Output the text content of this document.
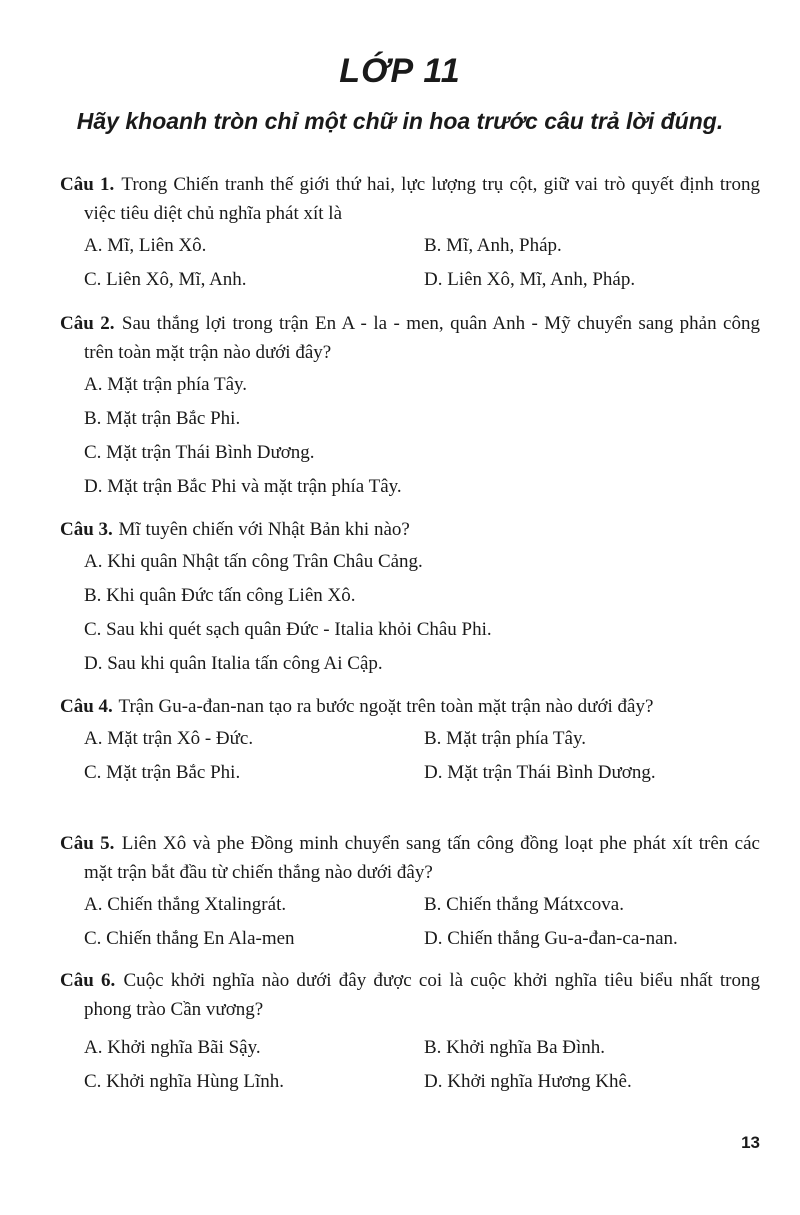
LỚP 11
Hãy khoanh tròn chỉ một chữ in hoa trước câu trả lời đúng.
Câu 1. Trong Chiến tranh thế giới thứ hai, lực lượng trụ cột, giữ vai trò quyết định trong việc tiêu diệt chủ nghĩa phát xít là
A. Mĩ, Liên Xô.	B. Mĩ, Anh, Pháp.
C. Liên Xô, Mĩ, Anh.	D. Liên Xô, Mĩ, Anh, Pháp.
Câu 2. Sau thắng lợi trong trận En A - la - men, quân Anh - Mỹ chuyển sang phản công trên toàn mặt trận nào dưới đây?
A. Mặt trận phía Tây.
B. Mặt trận Bắc Phi.
C. Mặt trận Thái Bình Dương.
D. Mặt trận Bắc Phi và mặt trận phía Tây.
Câu 3. Mĩ tuyên chiến với Nhật Bản khi nào?
A. Khi quân Nhật tấn công Trân Châu Cảng.
B. Khi quân Đức tấn công Liên Xô.
C. Sau khi quét sạch quân Đức - Italia khỏi Châu Phi.
D. Sau khi quân Italia tấn công Ai Cập.
Câu 4. Trận Gu-a-đan-nan tạo ra bước ngoặt trên toàn mặt trận nào dưới đây?
A. Mặt trận Xô - Đức.	B. Mặt trận phía Tây.
C. Mặt trận Bắc Phi.	D. Mặt trận Thái Bình Dương.
Câu 5. Liên Xô và phe Đồng minh chuyển sang tấn công đồng loạt phe phát xít trên các mặt trận bắt đầu từ chiến thắng nào dưới đây?
A. Chiến thắng Xtalingrát.	B. Chiến thắng Mátxcova.
C. Chiến thắng En Ala-men	D. Chiến thắng Gu-a-đan-ca-nan.
Câu 6. Cuộc khởi nghĩa nào dưới đây được coi là cuộc khởi nghĩa tiêu biểu nhất trong phong trào Cần vương?
A. Khởi nghĩa Bãi Sậy.	B. Khởi nghĩa Ba Đình.
C. Khởi nghĩa Hùng Lĩnh.	D. Khởi nghĩa Hương Khê.
13
